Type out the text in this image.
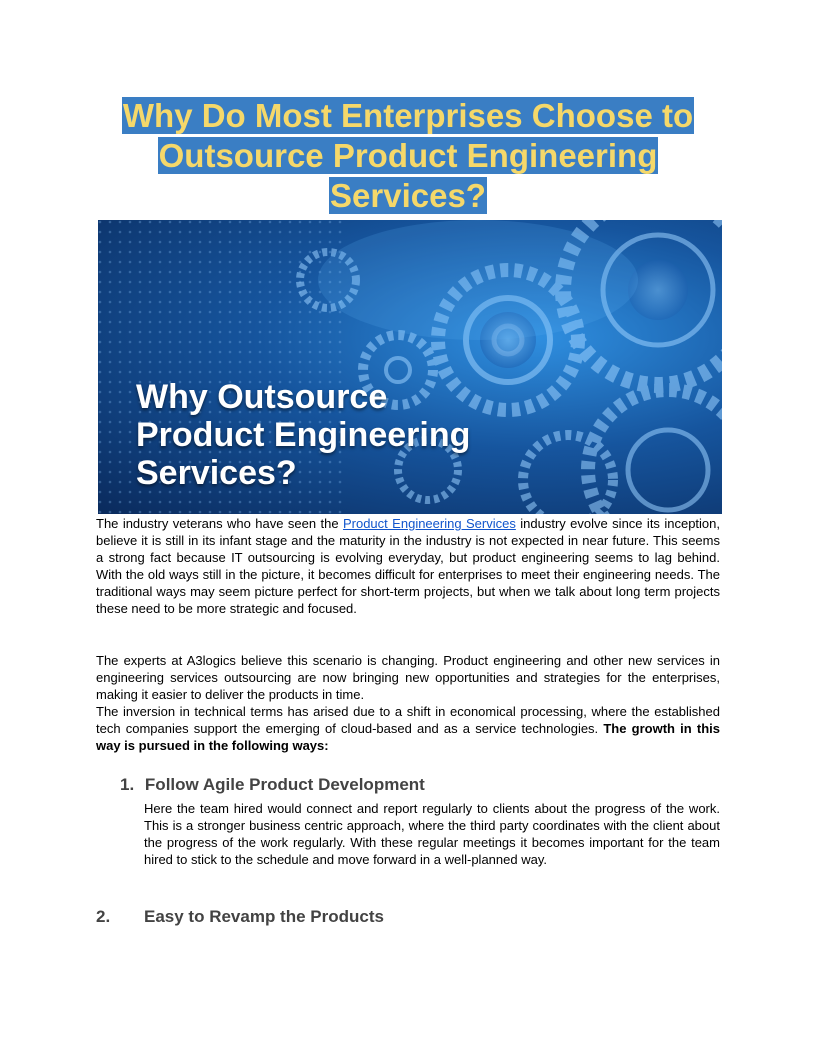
Why Do Most Enterprises Choose to
Outsource Product Engineering
Services?
Why Outsource
Product Engineering
Services?
The industry veterans who have seen the Product Engineering Services industry evolve since its inception, believe it is still in its infant stage and the maturity in the industry is not expected in near future. This seems a strong fact because IT outsourcing is evolving everyday, but product engineering seems to lag behind. With the old ways still in the picture, it becomes difficult for enterprises to meet their engineering needs. The traditional ways may seem picture perfect for short-term projects, but when we talk about long term projects these need to be more strategic and focused.
The experts at A3logics believe this scenario is changing. Product engineering and other new services in engineering services outsourcing are now bringing new opportunities and strategies for the enterprises, making it easier to deliver the products in time.
The inversion in technical terms has arised due to a shift in economical processing, where the established tech companies support the emerging of cloud-based and as a service technologies. The growth in this way is pursued in the following ways:
1. Follow Agile Product Development
Here the team hired would connect and report regularly to clients about the progress of the work. This is a stronger business centric approach, where the third party coordinates with the client about the progress of the work regularly. With these regular meetings it becomes important for the team hired to stick to the schedule and move forward in a well-planned way.
2. Easy to Revamp the Products
